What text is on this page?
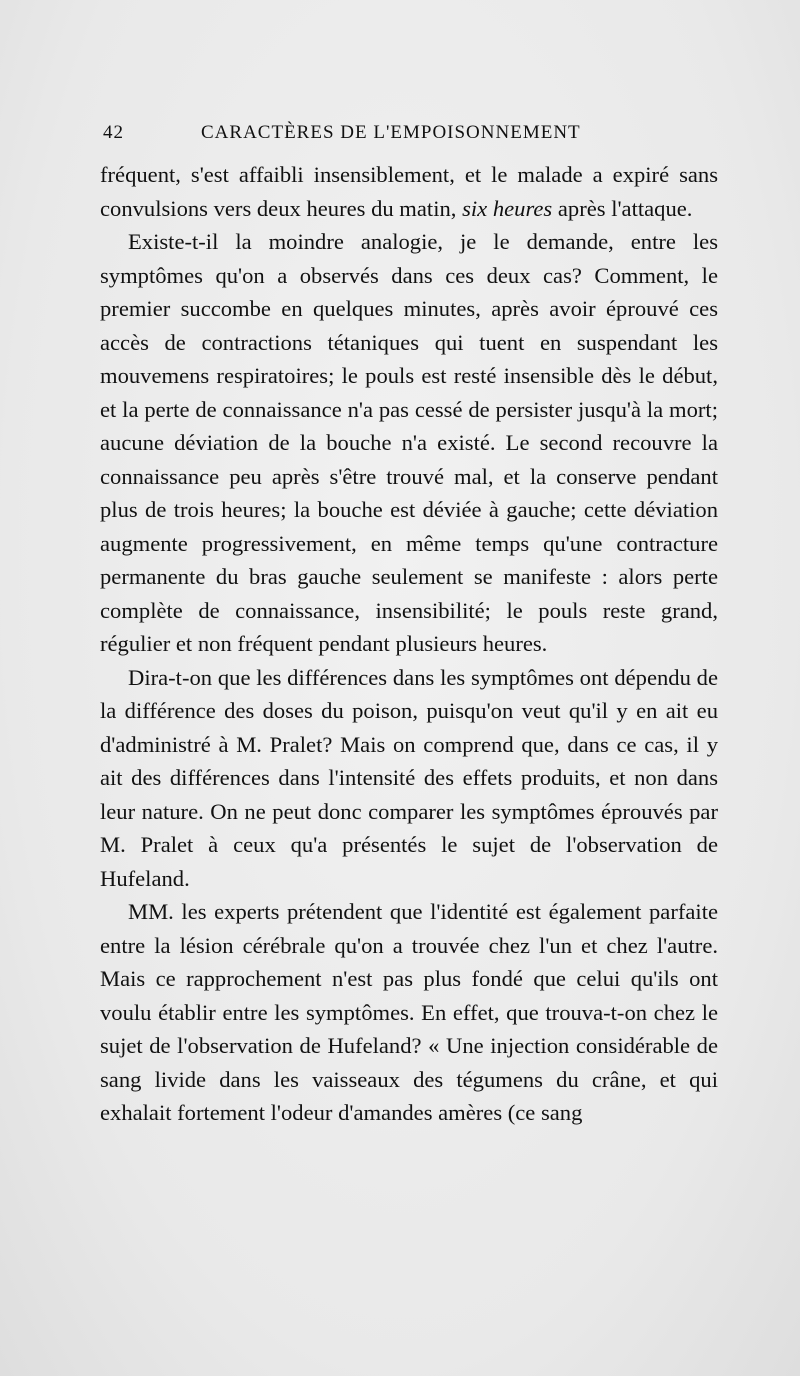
42	CARACTÈRES DE L'EMPOISONNEMENT

fréquent, s'est affaibli insensiblement, et le malade a expiré sans convulsions vers deux heures du matin, six heures après l'attaque.

Existe-t-il la moindre analogie, je le demande, entre les symptômes qu'on a observés dans ces deux cas? Comment, le premier succombe en quelques minutes, après avoir éprouvé ces accès de contractions tétaniques qui tuent en suspendant les mouvemens respiratoires; le pouls est resté insensible dès le début, et la perte de connaissance n'a pas cessé de persister jusqu'à la mort; aucune déviation de la bouche n'a existé. Le second recouvre la connaissance peu après s'être trouvé mal, et la conserve pendant plus de trois heures; la bouche est déviée à gauche; cette déviation augmente progressivement, en même temps qu'une contracture permanente du bras gauche seulement se manifeste : alors perte complète de connaissance, insensibilité; le pouls reste grand, régulier et non fréquent pendant plusieurs heures.

Dira-t-on que les différences dans les symptômes ont dépendu de la différence des doses du poison, puisqu'on veut qu'il y en ait eu d'administré à M. Pralet? Mais on comprend que, dans ce cas, il y ait des différences dans l'intensité des effets produits, et non dans leur nature. On ne peut donc comparer les symptômes éprouvés par M. Pralet à ceux qu'a présentés le sujet de l'observation de Hufeland.

MM. les experts prétendent que l'identité est également parfaite entre la lésion cérébrale qu'on a trouvée chez l'un et chez l'autre. Mais ce rapprochement n'est pas plus fondé que celui qu'ils ont voulu établir entre les symptômes. En effet, que trouva-t-on chez le sujet de l'observation de Hufeland? « Une injection considérable de sang livide dans les vaisseaux des tégumens du crâne, et qui exhalait fortement l'odeur d'amandes amères (ce sang
